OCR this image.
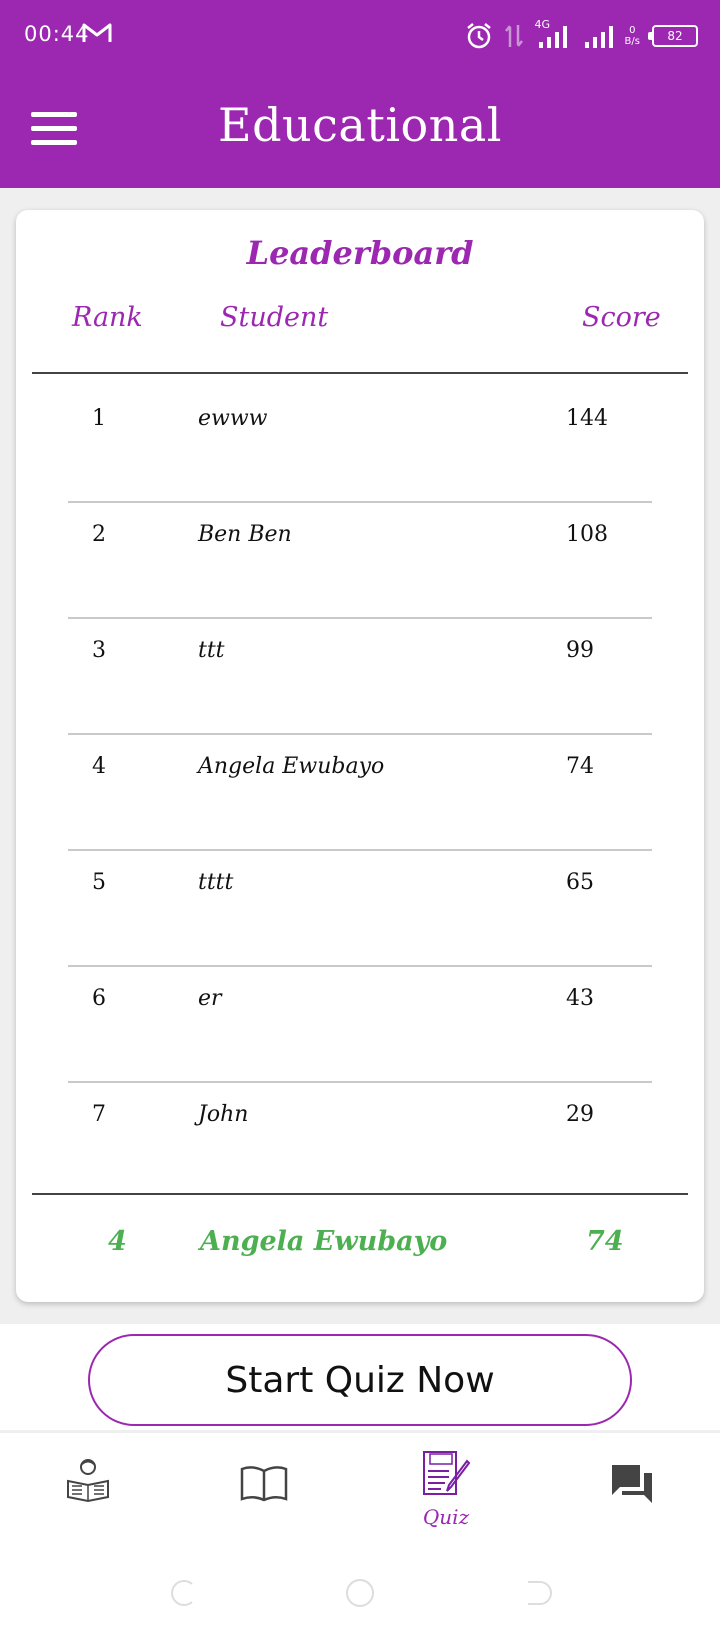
00:44	4G	0
B/s	82
Educational
Leaderboard
Rank	Student	Score
1	ewww	144
2	Ben Ben	108
3	ttt	99
4	Angela Ewubayo	74
5	tttt	65
6	er	43
7	John	29
4	Angela Ewubayo	74
Start Quiz Now
Quiz
